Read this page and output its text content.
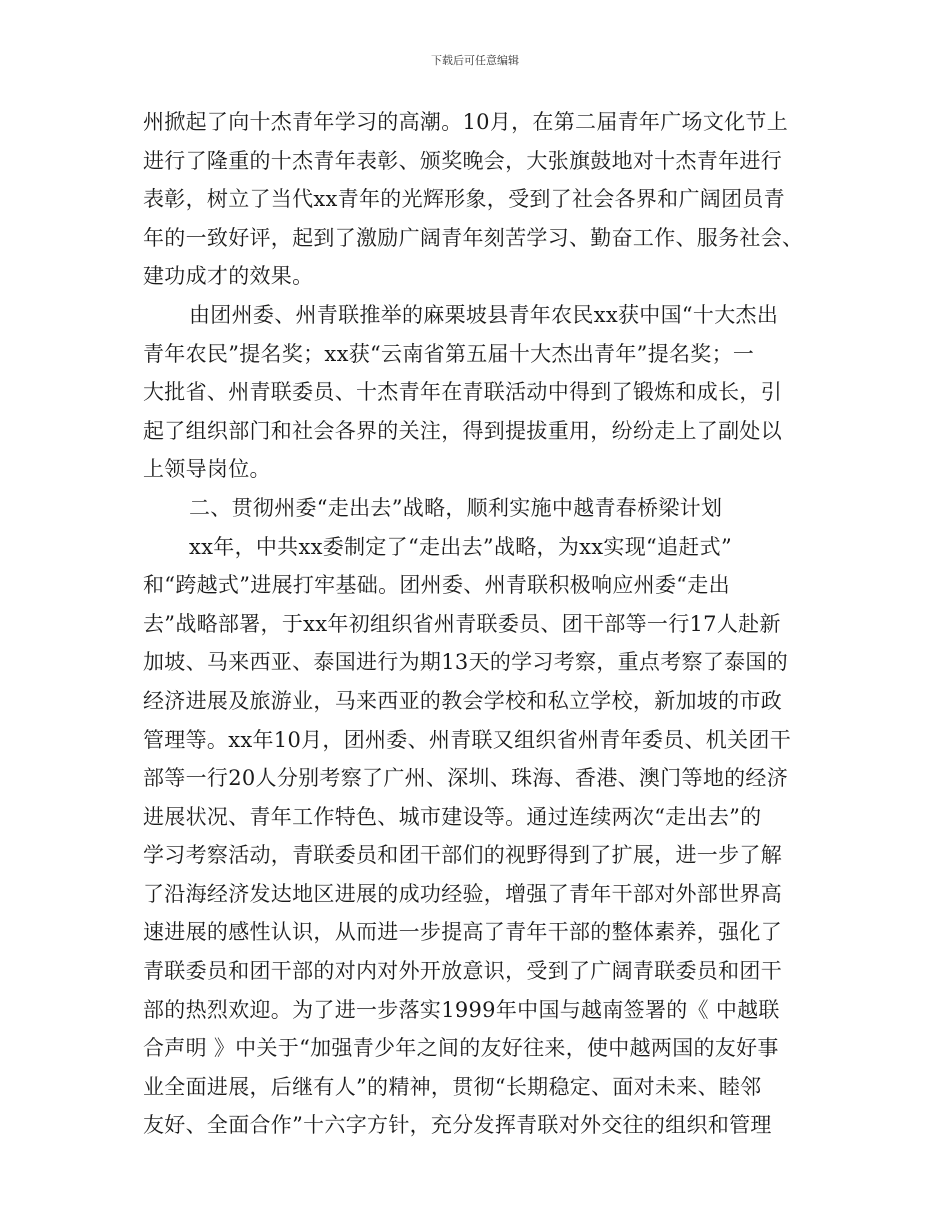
下载后可任意编辑
州掀起了向十杰青年学习的高潮。10月，在第二届青年广场文化节上
进行了隆重的十杰青年表彰、颁奖晚会，大张旗鼓地对十杰青年进行
表彰，树立了当代xx青年的光辉形象，受到了社会各界和广阔团员青
年的一致好评，起到了激励广阔青年刻苦学习、勤奋工作、服务社会、
建功成才的效果。
由团州委、州青联推举的麻栗坡县青年农民xx获中国“十大杰出
青年农民”提名奖；xx获“云南省第五届十大杰出青年”提名奖；一
大批省、州青联委员、十杰青年在青联活动中得到了锻炼和成长，引
起了组织部门和社会各界的关注，得到提拔重用，纷纷走上了副处以
上领导岗位。
二、贯彻州委“走出去”战略，顺利实施中越青春桥梁计划
xx年，中共xx委制定了“走出去”战略，为xx实现“追赶式”
和“跨越式”进展打牢基础。团州委、州青联积极响应州委“走出
去”战略部署，于xx年初组织省州青联委员、团干部等一行17人赴新
加坡、马来西亚、泰国进行为期13天的学习考察，重点考察了泰国的
经济进展及旅游业，马来西亚的教会学校和私立学校，新加坡的市政
管理等。xx年10月，团州委、州青联又组织省州青年委员、机关团干
部等一行20人分别考察了广州、深圳、珠海、香港、澳门等地的经济
进展状况、青年工作特色、城市建设等。通过连续两次“走出去”的
学习考察活动，青联委员和团干部们的视野得到了扩展，进一步了解
了沿海经济发达地区进展的成功经验，增强了青年干部对外部世界高
速进展的感性认识，从而进一步提高了青年干部的整体素养，强化了
青联委员和团干部的对内对外开放意识，受到了广阔青联委员和团干
部的热烈欢迎。为了进一步落实1999年中国与越南签署的《 中越联
合声明 》中关于“加强青少年之间的友好往来，使中越两国的友好事
业全面进展，后继有人”的精神，贯彻“长期稳定、面对未来、睦邻
友好、全面合作”十六字方针，充分发挥青联对外交往的组织和管理
